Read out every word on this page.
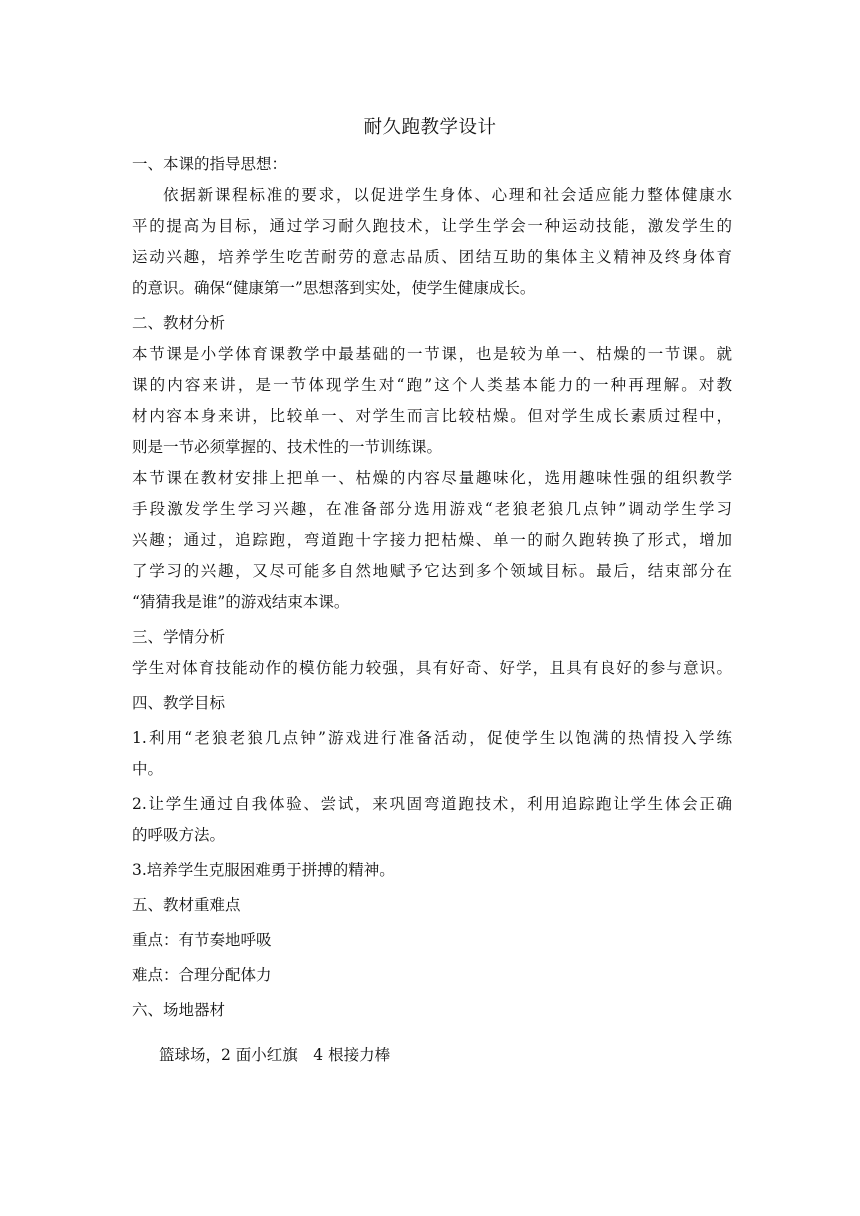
耐久跑教学设计
一、本课的指导思想：
依据新课程标准的要求，以促进学生身体、心理和社会适应能力整体健康水
平的提高为目标，通过学习耐久跑技术，让学生学会一种运动技能，激发学生的
运动兴趣，培养学生吃苦耐劳的意志品质、团结互助的集体主义精神及终身体育
的意识。确保“健康第一”思想落到实处，使学生健康成长。
二、教材分析
本节课是小学体育课教学中最基础的一节课，也是较为单一、枯燥的一节课。就
课的内容来讲，是一节体现学生对“跑”这个人类基本能力的一种再理解。对教
材内容本身来讲，比较单一、对学生而言比较枯燥。但对学生成长素质过程中，
则是一节必须掌握的、技术性的一节训练课。
本节课在教材安排上把单一、枯燥的内容尽量趣味化，选用趣味性强的组织教学
手段激发学生学习兴趣，在准备部分选用游戏“老狼老狼几点钟”调动学生学习
兴趣；通过，追踪跑，弯道跑十字接力把枯燥、单一的耐久跑转换了形式，增加
了学习的兴趣，又尽可能多自然地赋予它达到多个领域目标。最后，结束部分在
“猜猜我是谁”的游戏结束本课。
三、学情分析
学生对体育技能动作的模仿能力较强，具有好奇、好学，且具有良好的参与意识。
四、教学目标
1.利用“老狼老狼几点钟”游戏进行准备活动，促使学生以饱满的热情投入学练
中。
2.让学生通过自我体验、尝试，来巩固弯道跑技术，利用追踪跑让学生体会正确
的呼吸方法。
3.培养学生克服困难勇于拼搏的精神。
五、教材重难点
重点：有节奏地呼吸
难点：合理分配体力
六、场地器材
篮球场，2 面小红旗　4 根接力棒
